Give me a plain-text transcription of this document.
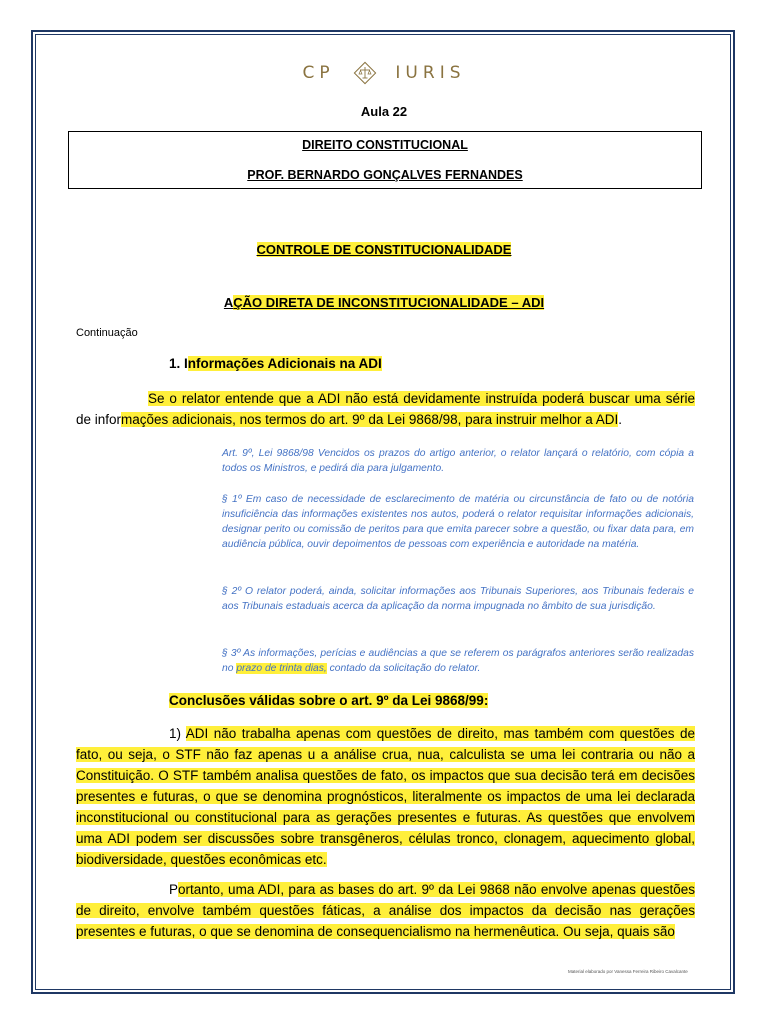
CP	IURIS
Aula 22
DIREITO CONSTITUCIONAL
PROF. BERNARDO GONÇALVES FERNANDES
CONTROLE DE CONSTITUCIONALIDADE
AÇÃO DIRETA DE INCONSTITUCIONALIDADE – ADI
Continuação
1. Informações Adicionais na ADI
Se o relator entende que a ADI não está devidamente instruída poderá buscar uma série de informações adicionais, nos termos do art. 9º da Lei 9868/98, para instruir melhor a ADI.
Art. 9º, Lei 9868/98 Vencidos os prazos do artigo anterior, o relator lançará o relatório, com cópia a todos os Ministros, e pedirá dia para julgamento.
§ 1º Em caso de necessidade de esclarecimento de matéria ou circunstância de fato ou de notória insuficiência das informações existentes nos autos, poderá o relator requisitar informações adicionais, designar perito ou comissão de peritos para que emita parecer sobre a questão, ou fixar data para, em audiência pública, ouvir depoimentos de pessoas com experiência e autoridade na matéria.
§ 2º O relator poderá, ainda, solicitar informações aos Tribunais Superiores, aos Tribunais federais e aos Tribunais estaduais acerca da aplicação da norma impugnada no âmbito de sua jurisdição.
§ 3º As informações, perícias e audiências a que se referem os parágrafos anteriores serão realizadas no prazo de trinta dias, contado da solicitação do relator.
Conclusões válidas sobre o art. 9º da Lei 9868/99:
1) ADI não trabalha apenas com questões de direito, mas também com questões de fato, ou seja, o STF não faz apenas u a análise crua, nua, calculista se uma lei contraria ou não a Constituição. O STF também analisa questões de fato, os impactos que sua decisão terá em decisões presentes e futuras, o que se denomina prognósticos, literalmente os impactos de uma lei declarada inconstitucional ou constitucional para as gerações presentes e futuras. As questões que envolvem uma ADI podem ser discussões sobre transgêneros, células tronco, clonagem, aquecimento global, biodiversidade, questões econômicas etc.
Portanto, uma ADI, para as bases do art. 9º da Lei 9868 não envolve apenas questões de direito, envolve também questões fáticas, a análise dos impactos da decisão nas gerações presentes e futuras, o que se denomina de consequencialismo na hermenêutica. Ou seja, quais são
Material elaborado por Vanessa Ferreira Ribeiro Cavalcante
